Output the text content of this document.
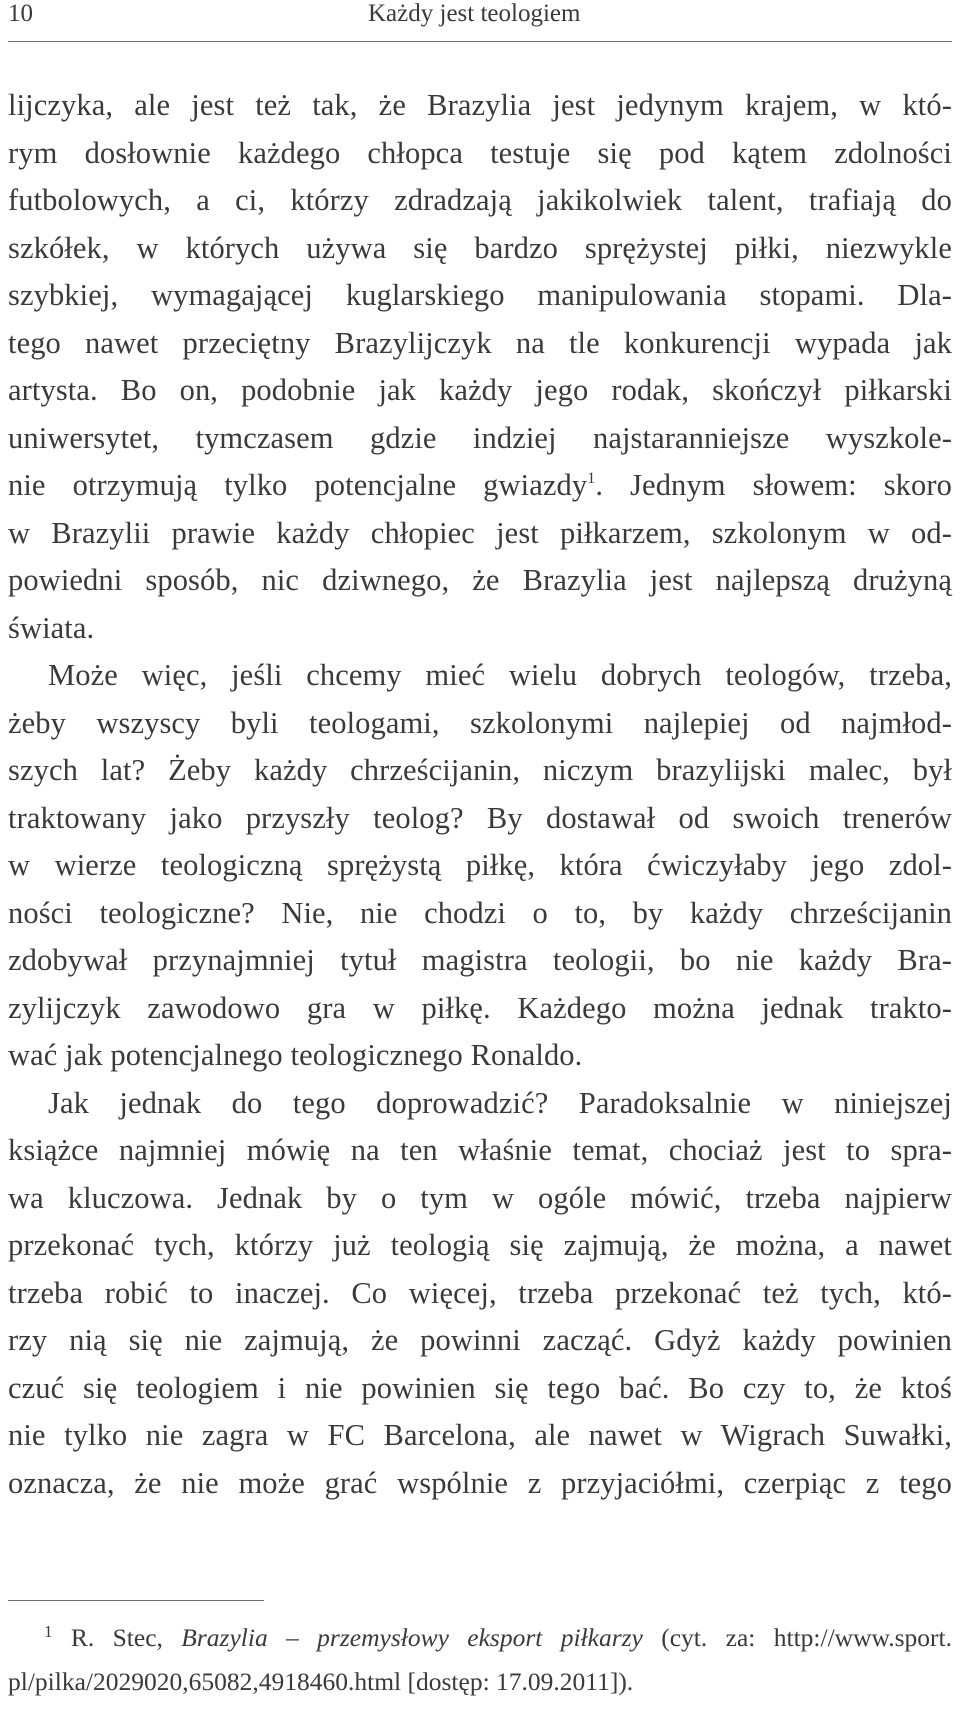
10	Każdy jest teologiem
lijczyka, ale jest też tak, że Brazylia jest jedynym krajem, w któ-
rym dosłownie każdego chłopca testuje się pod kątem zdolności
futbolowych, a ci, którzy zdradzają jakikolwiek talent, trafiają do
szkółek, w których używa się bardzo sprężystej piłki, niezwykle
szybkiej, wymagającej kuglarskiego manipulowania stopami. Dla-
tego nawet przeciętny Brazylijczyk na tle konkurencji wypada jak
artysta. Bo on, podobnie jak każdy jego rodak, skończył piłkarski
uniwersytet, tymczasem gdzie indziej najstaranniejsze wyszkole-
nie otrzymują tylko potencjalne gwiazdy$^1$. Jednym słowem: skoro
w Brazylii prawie każdy chłopiec jest piłkarzem, szkolonym w od-
powiedni sposób, nic dziwnego, że Brazylia jest najlepszą drużyną
świata.
Może więc, jeśli chcemy mieć wielu dobrych teologów, trzeba,
żeby wszyscy byli teologami, szkolonymi najlepiej od najmłod-
szych lat? Żeby każdy chrześcijanin, niczym brazylijski malec, był
traktowany jako przyszły teolog? By dostawał od swoich trenerów
w wierze teologiczną sprężystą piłkę, która ćwiczyłaby jego zdol-
ności teologiczne? Nie, nie chodzi o to, by każdy chrześcijanin
zdobywał przynajmniej tytuł magistra teologii, bo nie każdy Bra-
zylijczyk zawodowo gra w piłkę. Każdego można jednak trakto-
wać jak potencjalnego teologicznego Ronaldo.
Jak jednak do tego doprowadzić? Paradoksalnie w niniejszej
książce najmniej mówię na ten właśnie temat, chociaż jest to spra-
wa kluczowa. Jednak by o tym w ogóle mówić, trzeba najpierw
przekonać tych, którzy już teologią się zajmują, że można, a nawet
trzeba robić to inaczej. Co więcej, trzeba przekonać też tych, któ-
rzy nią się nie zajmują, że powinni zacząć. Gdyż każdy powinien
czuć się teologiem i nie powinien się tego bać. Bo czy to, że ktoś
nie tylko nie zagra w FC Barcelona, ale nawet w Wigrach Suwałki,
oznacza, że nie może grać wspólnie z przyjaciółmi, czerpiąc z tego
$^1$ R. Stec, Brazylia – przemysłowy eksport piłkarzy (cyt. za: http://www.sport.
pl/pilka/2029020,65082,4918460.html [dostęp: 17.09.2011]).
